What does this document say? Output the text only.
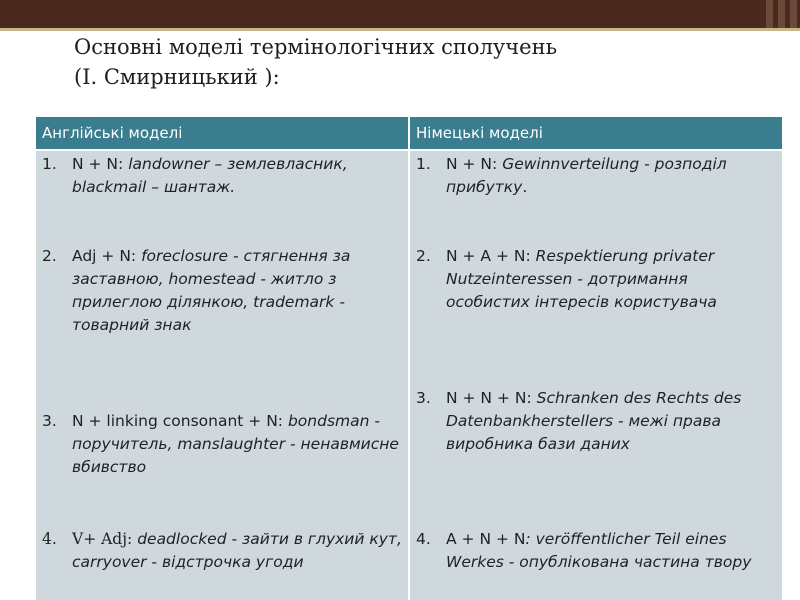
Основні моделі термінологічних сполучень
(І. Смирницький ):
Англійські моделі
1. N + N: landowner – землевласник, blackmail – шантаж.
2. Adj + N: foreclosure - стягнення за заставною, homestead - житло з прилеглою ділянкою, trademark - товарний знак
3. N + linking consonant + N: bondsman - поручитель, manslaughter - ненавмисне вбивство
4. V+ Adj: deadlocked - зайти в глухий кут, carryover - відстрочка угоди
Німецькі моделі
1. N + N: Gewinnverteilung - розподіл прибутку.
2. N + A + N: Respektierung privater Nutzeinteressen - дотримання особистих інтересів користувача
3. N + N + N: Schranken des Rechts des Datenbankherstellers - межі права виробника бази даних
4. A + N + N: veröffentlicher Teil eines Werkes - опублікована частина твору
